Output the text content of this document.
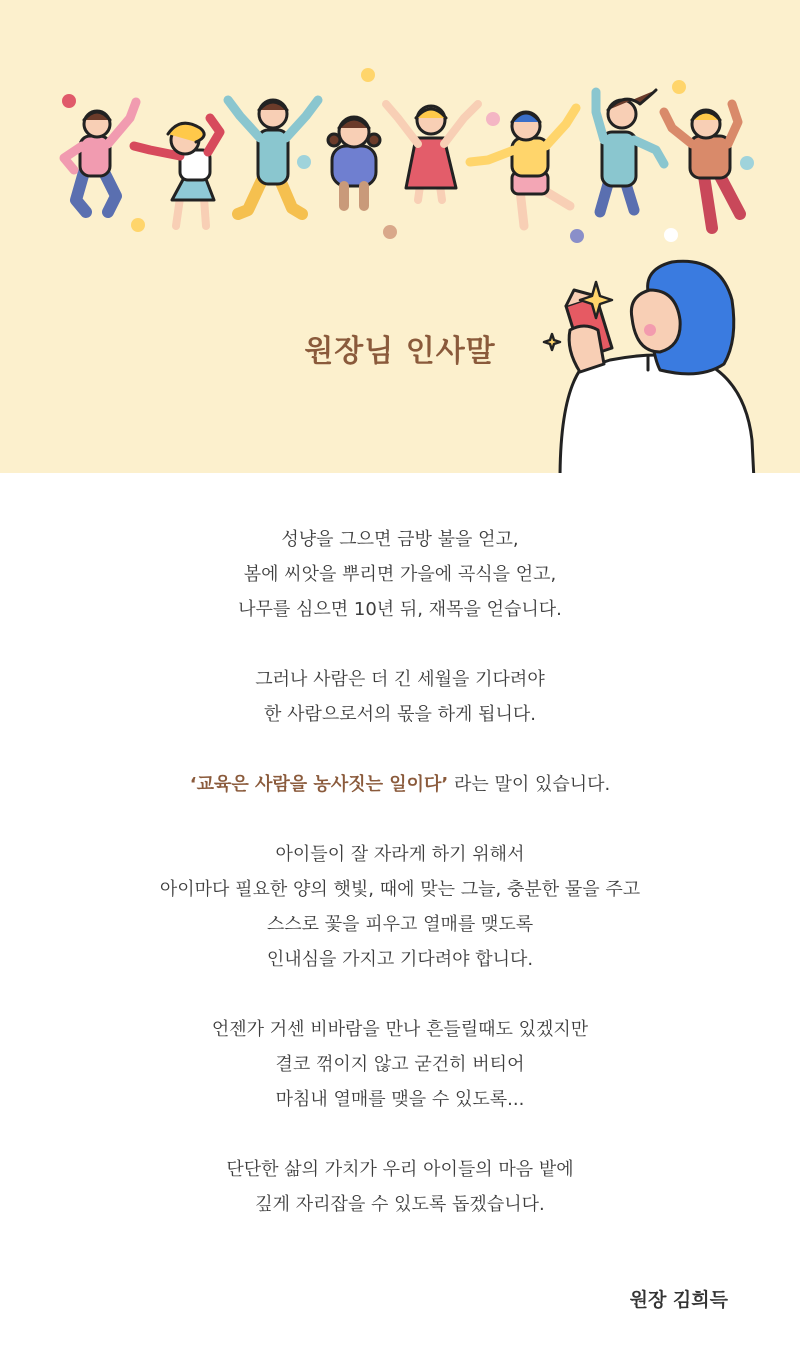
원장님 인사말

성냥을 그으면 금방 불을 얻고,

봄에 씨앗을 뿌리면 가을에 곡식을 얻고,

나무를 심으면 10년 뒤, 재목을 얻습니다.

그러나 사람은 더 긴 세월을 기다려야

한 사람으로서의 몫을 하게 됩니다.

‘교육은 사람을 농사짓는 일이다’ 라는 말이 있습니다.

아이들이 잘 자라게 하기 위해서

아이마다 필요한 양의 햇빛, 때에 맞는 그늘, 충분한 물을 주고

스스로 꽃을 피우고 열매를 맺도록

인내심을 가지고 기다려야 합니다.

언젠가 거센 비바람을 만나 흔들릴때도 있겠지만

결코 꺾이지 않고 굳건히 버티어

마침내 열매를 맺을 수 있도록...

단단한 삶의 가치가 우리 아이들의 마음 밭에

깊게 자리잡을 수 있도록 돕겠습니다.

원장 김희득
